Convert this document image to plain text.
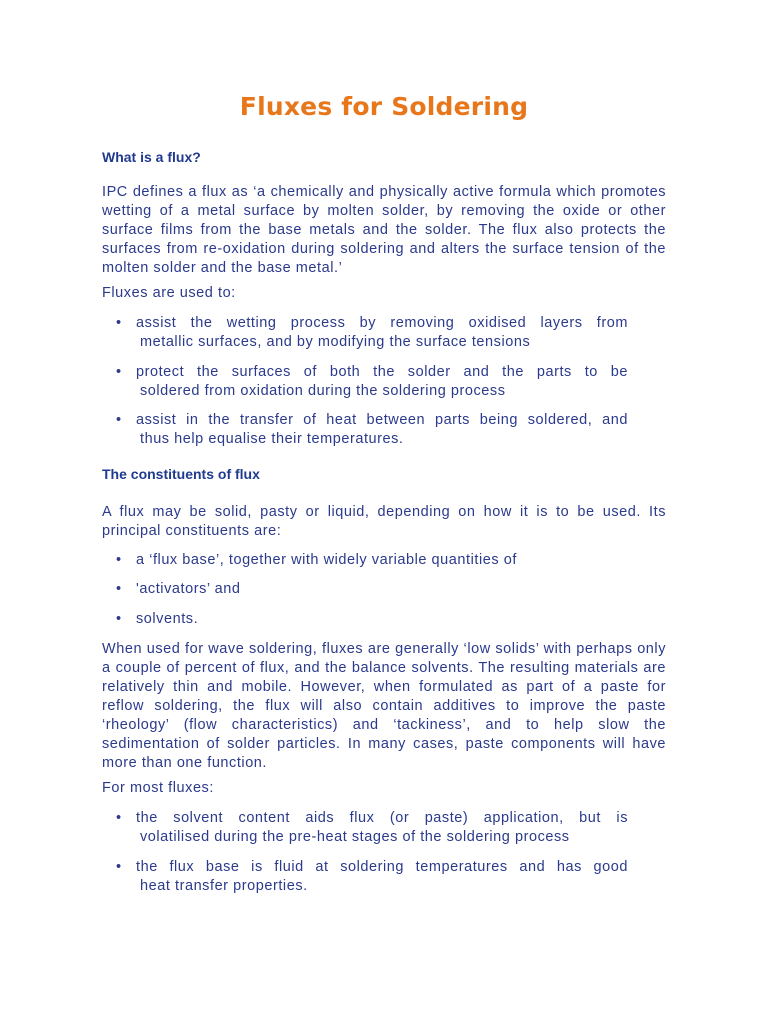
Fluxes for Soldering
What is a flux?
IPC defines a flux as ‘a chemically and physically active formula which promotes wetting of a metal surface by molten solder, by removing the oxide or other surface films from the base metals and the solder. The flux also protects the surfaces from re-oxidation during soldering and alters the surface tension of the molten solder and the base metal.’
Fluxes are used to:
• assist the wetting process by removing oxidised layers from
metallic surfaces, and by modifying the surface tensions
• protect the surfaces of both the solder and the parts to be
soldered from oxidation during the soldering process
• assist in the transfer of heat between parts being soldered, and
thus help equalise their temperatures.
The constituents of flux
A flux may be solid, pasty or liquid, depending on how it is to be used. Its principal constituents are:
• a ‘flux base’, together with widely variable quantities of
• 'activators’ and
• solvents.
When used for wave soldering, fluxes are generally ‘low solids’ with perhaps only a couple of percent of flux, and the balance solvents. The resulting materials are relatively thin and mobile. However, when formulated as part of a paste for reflow soldering, the flux will also contain additives to improve the paste ‘rheology’ (flow characteristics) and ‘tackiness’, and to help slow the sedimentation of solder particles. In many cases, paste components will have more than one function.
For most fluxes:
• the solvent content aids flux (or paste) application, but is
volatilised during the pre-heat stages of the soldering process
• the flux base is fluid at soldering temperatures and has good
heat transfer properties.
